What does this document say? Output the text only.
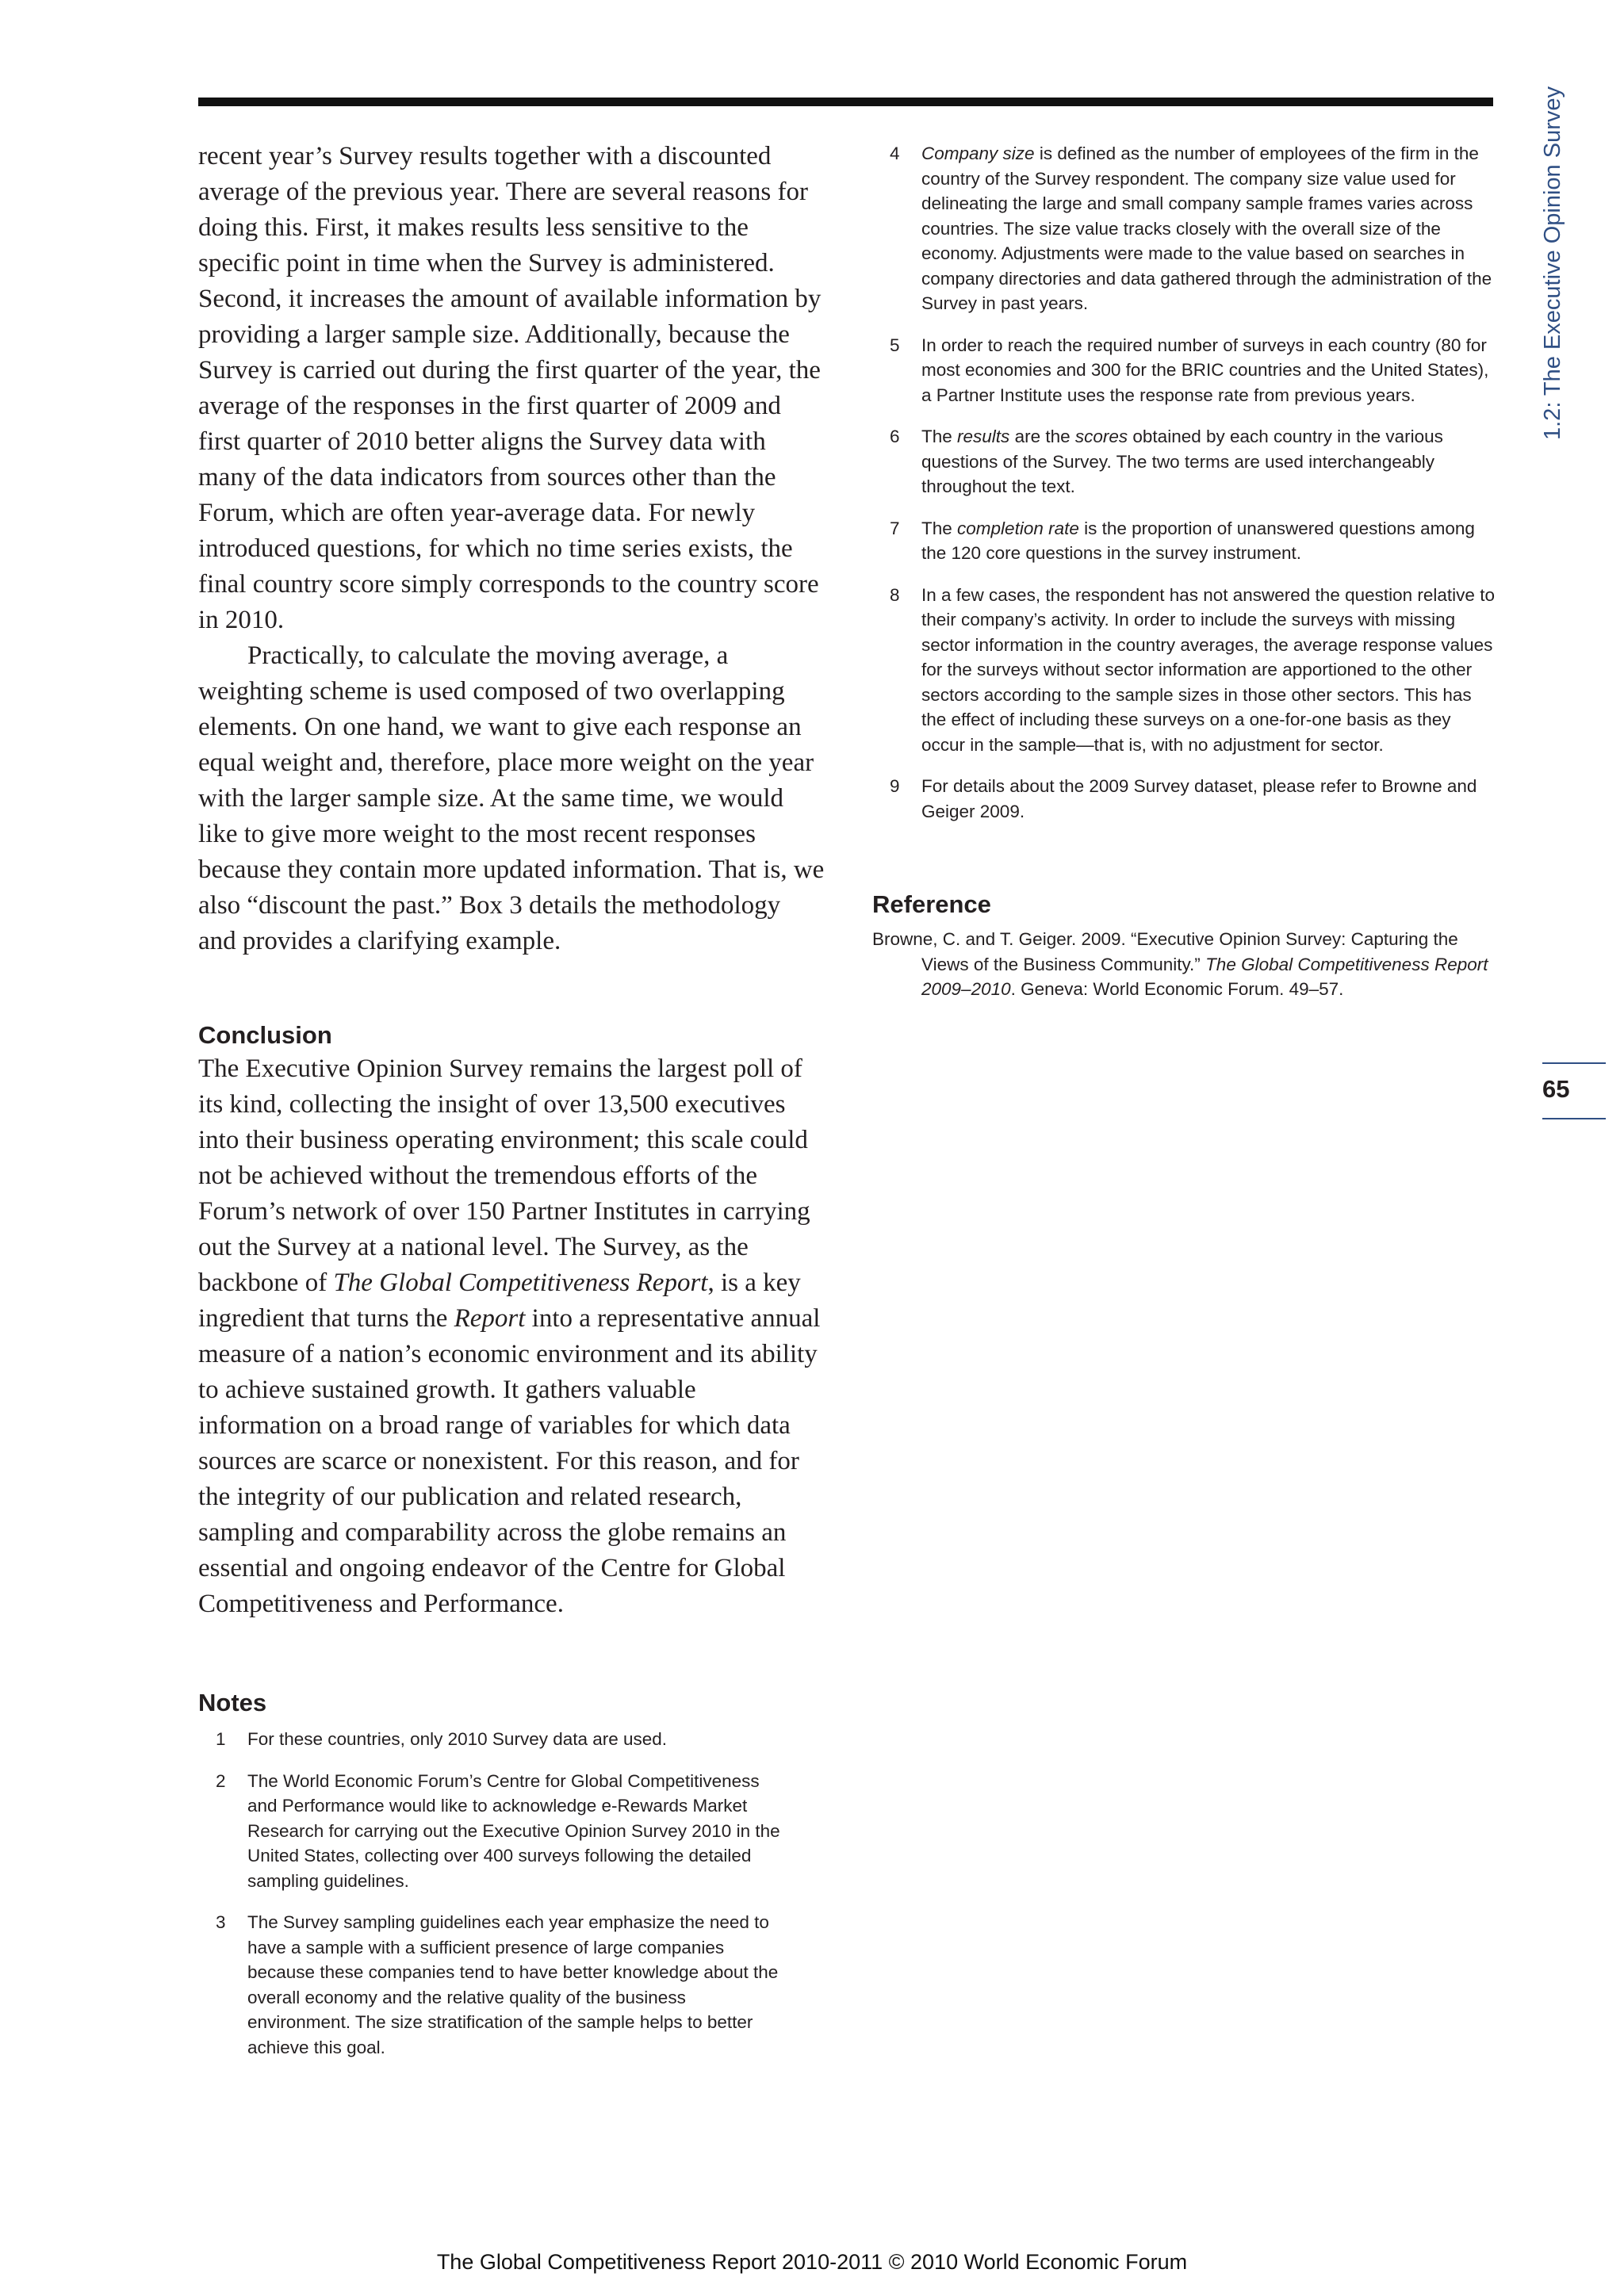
1.2: The Executive Opinion Survey
65

recent year’s Survey results together with a discounted average of the previous year. There are several reasons for doing this. First, it makes results less sensitive to the specific point in time when the Survey is administered. Second, it increases the amount of available information by providing a larger sample size. Additionally, because the Survey is carried out during the first quarter of the year, the average of the responses in the first quarter of 2009 and first quarter of 2010 better aligns the Survey data with many of the data indicators from sources other than the Forum, which are often year-average data. For newly introduced questions, for which no time series exists, the final country score simply corresponds to the country score in 2010.

Practically, to calculate the moving average, a weighting scheme is used composed of two overlapping elements. On one hand, we want to give each response an equal weight and, therefore, place more weight on the year with the larger sample size. At the same time, we would like to give more weight to the most recent responses because they contain more updated information. That is, we also “discount the past.” Box 3 details the methodology and provides a clarifying example.

Conclusion

The Executive Opinion Survey remains the largest poll of its kind, collecting the insight of over 13,500 executives into their business operating environment; this scale could not be achieved without the tremendous efforts of the Forum’s network of over 150 Partner Institutes in carrying out the Survey at a national level. The Survey, as the backbone of The Global Competitiveness Report, is a key ingredient that turns the Report into a representative annual measure of a nation’s economic environment and its ability to achieve sustained growth. It gathers valuable information on a broad range of variables for which data sources are scarce or nonexistent. For this reason, and for the integrity of our publication and related research, sampling and comparability across the globe remains an essential and ongoing endeavor of the Centre for Global Competitiveness and Performance.

Notes
1 For these countries, only 2010 Survey data are used.
2 The World Economic Forum’s Centre for Global Competitiveness and Performance would like to acknowledge e-Rewards Market Research for carrying out the Executive Opinion Survey 2010 in the United States, collecting over 400 surveys following the detailed sampling guidelines.
3 The Survey sampling guidelines each year emphasize the need to have a sample with a sufficient presence of large companies because these companies tend to have better knowledge about the overall economy and the relative quality of the business environment. The size stratification of the sample helps to better achieve this goal.
4 Company size is defined as the number of employees of the firm in the country of the Survey respondent. The company size value used for delineating the large and small company sample frames varies across countries. The size value tracks closely with the overall size of the economy. Adjustments were made to the value based on searches in company directories and data gathered through the administration of the Survey in past years.
5 In order to reach the required number of surveys in each country (80 for most economies and 300 for the BRIC countries and the United States), a Partner Institute uses the response rate from previous years.
6 The results are the scores obtained by each country in the various questions of the Survey. The two terms are used interchangeably throughout the text.
7 The completion rate is the proportion of unanswered questions among the 120 core questions in the survey instrument.
8 In a few cases, the respondent has not answered the question relative to their company’s activity. In order to include the surveys with missing sector information in the country averages, the average response values for the surveys without sector information are apportioned to the other sectors according to the sample sizes in those other sectors. This has the effect of including these surveys on a one-for-one basis as they occur in the sample—that is, with no adjustment for sector.
9 For details about the 2009 Survey dataset, please refer to Browne and Geiger 2009.
Reference

Browne, C. and T. Geiger. 2009. “Executive Opinion Survey: Capturing the Views of the Business Community.” The Global Competitiveness Report 2009–2010. Geneva: World Economic Forum. 49–57.

The Global Competitiveness Report 2010-2011 © 2010 World Economic Forum
